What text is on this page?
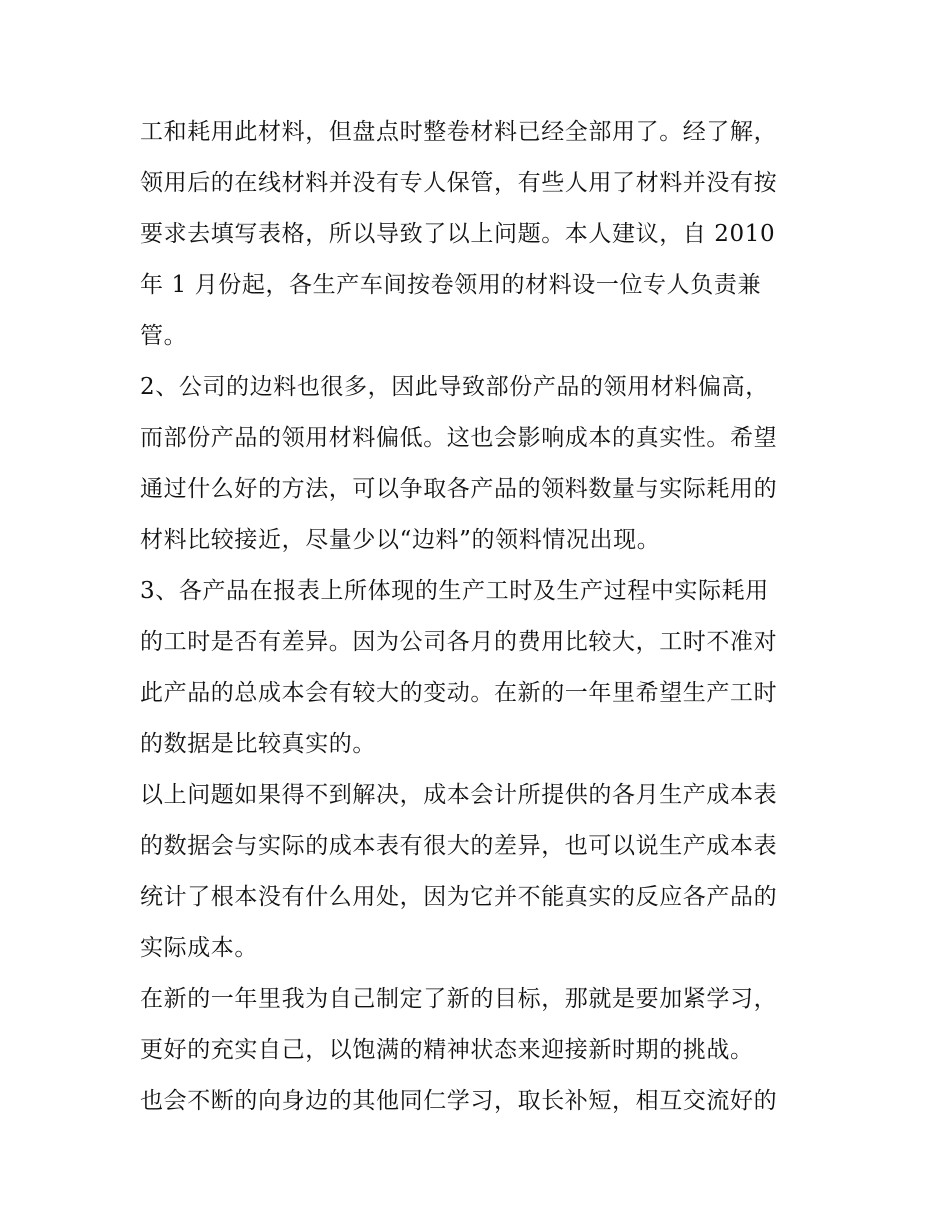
工和耗用此材料，但盘点时整卷材料已经全部用了。经了解，
领用后的在线材料并没有专人保管，有些人用了材料并没有按
要求去填写表格，所以导致了以上问题。本人建议，自 2010
年 1 月份起，各生产车间按卷领用的材料设一位专人负责兼
管。
2、公司的边料也很多，因此导致部份产品的领用材料偏高，
而部份产品的领用材料偏低。这也会影响成本的真实性。希望
通过什么好的方法，可以争取各产品的领料数量与实际耗用的
材料比较接近，尽量少以“边料”的领料情况出现。
3、各产品在报表上所体现的生产工时及生产过程中实际耗用
的工时是否有差异。因为公司各月的费用比较大，工时不准对
此产品的总成本会有较大的变动。在新的一年里希望生产工时
的数据是比较真实的。
以上问题如果得不到解决，成本会计所提供的各月生产成本表
的数据会与实际的成本表有很大的差异，也可以说生产成本表
统计了根本没有什么用处，因为它并不能真实的反应各产品的
实际成本。
在新的一年里我为自己制定了新的目标，那就是要加紧学习，
更好的充实自己，以饱满的精神状态来迎接新时期的挑战。
也会不断的向身边的其他同仁学习，取长补短，相互交流好的
